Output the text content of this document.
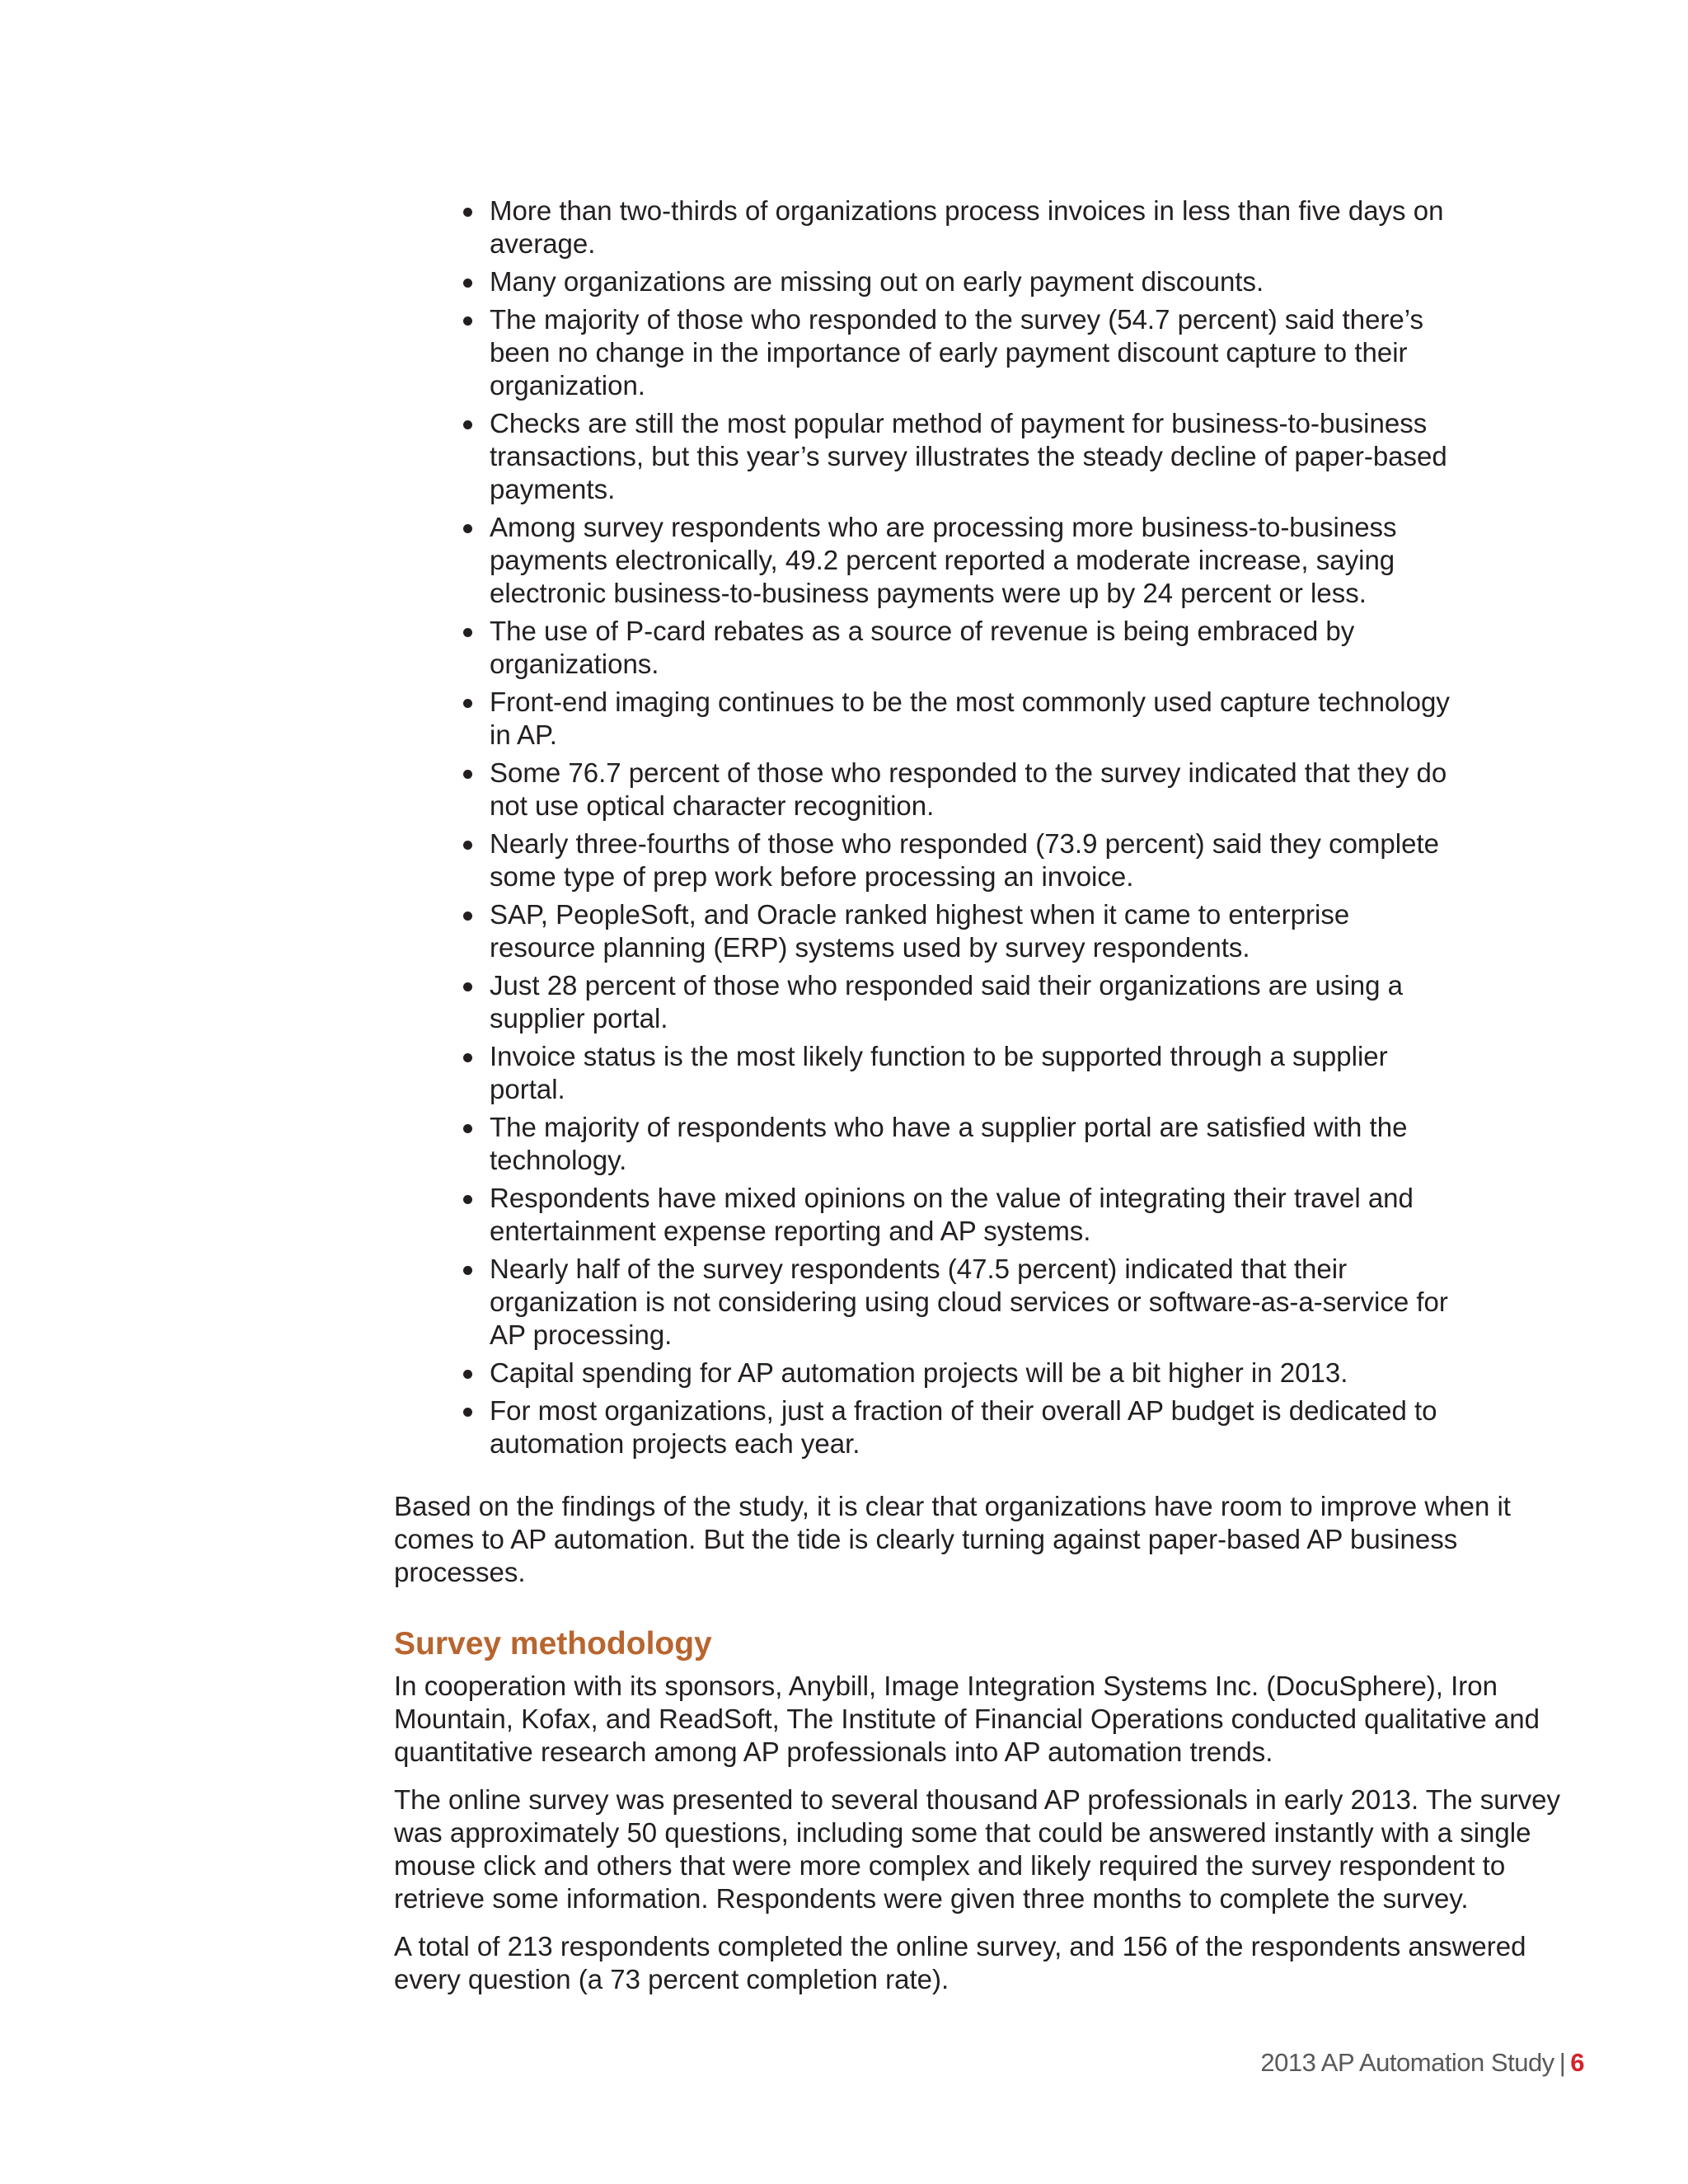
More than two-thirds of organizations process invoices in less than five days on average.
Many organizations are missing out on early payment discounts.
The majority of those who responded to the survey (54.7 percent) said there’s been no change in the importance of early payment discount capture to their organization.
Checks are still the most popular method of payment for business-to-business transactions, but this year’s survey illustrates the steady decline of paper-based payments.
Among survey respondents who are processing more business-to-business payments electronically, 49.2 percent reported a moderate increase, saying electronic business-to-business payments were up by 24 percent or less.
The use of P-card rebates as a source of revenue is being embraced by organizations.
Front-end imaging continues to be the most commonly used capture technology in AP.
Some 76.7 percent of those who responded to the survey indicated that they do not use optical character recognition.
Nearly three-fourths of those who responded (73.9 percent) said they complete some type of prep work before processing an invoice.
SAP, PeopleSoft, and Oracle ranked highest when it came to enterprise resource planning (ERP) systems used by survey respondents.
Just 28 percent of those who responded said their organizations are using a supplier portal.
Invoice status is the most likely function to be supported through a supplier portal.
The majority of respondents who have a supplier portal are satisfied with the technology.
Respondents have mixed opinions on the value of integrating their travel and entertainment expense reporting and AP systems.
Nearly half of the survey respondents (47.5 percent) indicated that their organization is not considering using cloud services or software-as-a-service for AP processing.
Capital spending for AP automation projects will be a bit higher in 2013.
For most organizations, just a fraction of their overall AP budget is dedicated to automation projects each year.

Based on the findings of the study, it is clear that organizations have room to improve when it comes to AP automation. But the tide is clearly turning against paper-based AP business processes.

Survey methodology

In cooperation with its sponsors, Anybill, Image Integration Systems Inc. (DocuSphere), Iron Mountain, Kofax, and ReadSoft, The Institute of Financial Operations conducted qualitative and quantitative research among AP professionals into AP automation trends.

The online survey was presented to several thousand AP professionals in early 2013. The survey was approximately 50 questions, including some that could be answered instantly with a single mouse click and others that were more complex and likely required the survey respondent to retrieve some information. Respondents were given three months to complete the survey.

A total of 213 respondents completed the online survey, and 156 of the respondents answered every question (a 73 percent completion rate).

2013 AP Automation Study | 6
